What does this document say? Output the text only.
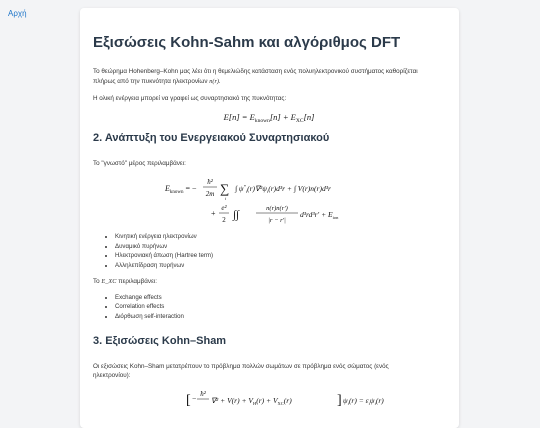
Αρχή
Εξισώσεις Kohn-Sahm και αλγόριθμος DFT

Το θεώρημα Hohenberg–Kohn μας λέει ότι η θεμελιώδης κατάσταση ενός πολυηλεκτρονικού συστήματος καθορίζεται
πλήρως από την πυκνότητα ηλεκτρονίων n(r).

Η ολική ενέργεια μπορεί να γραφεί ως συναρτησιακό της πυκνότητας:

$E[n] = E_{known}[n] + E_{XC}[n]$
2. Ανάπτυξη του Ενεργειακού Συναρτησιακού

Το "γνωστό" μέρος περιλαμβάνει:

$E_{known}$ = −
ħ²
2m ∑
i
∫ $\psi^*_i(r)\nabla^2\psi_i(r)d^3r$ + ∫ V(r)n(r)d³r
+
e²
2 ∫∫
n(r)n(r′)
|r − r′|
$d^3rd^3r' + E_{ion}$
• Κινητική ενέργεια ηλεκτρονίων
• Δυναμικό πυρήνων
• Ηλεκτρονιακή άπωση (Hartree term)
• Αλληλεπίδραση πυρήνων

Το E_XC περιλαμβάνει:

• Exchange effects
• Correlation effects
• Διόρθωση self-interaction
3. Εξισώσεις Kohn–Sham

Οι εξισώσεις Kohn–Sham μετατρέπουν το πρόβλημα πολλών σωμάτων σε πρόβλημα ενός σώματος (ενός
ηλεκτρονίου):

[ − ħ²
$\nabla^2 + V(r) + V_H(r) + V_{XC}(r)$	] $\psi_i(r) = \varepsilon_i\psi_i(r)$
